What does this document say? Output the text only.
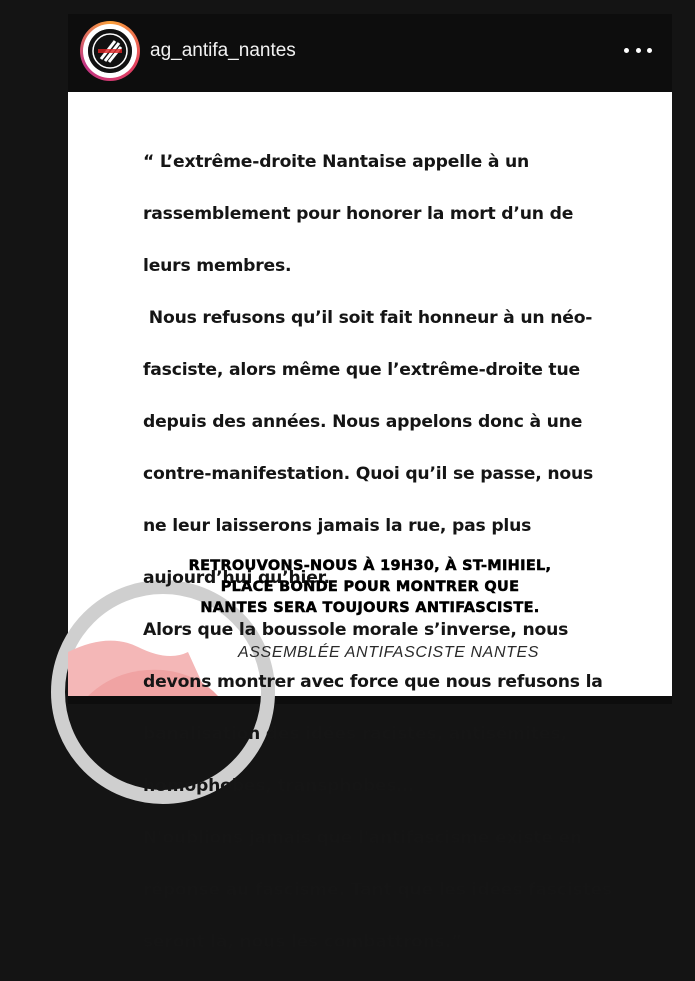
ag_antifa_nantes

“ L’extrême-droite Nantaise appelle à un

rassemblement pour honorer la mort d’un de

leurs membres.

Nous refusons qu’il soit fait honneur à un néo-

fasciste, alors même que l’extrême-droite tue

depuis des années. Nous appelons donc à une

contre-manifestation. Quoi qu’il se passe, nous

ne leur laisserons jamais la rue, pas plus

aujourd’hui qu’hier.

Alors que la boussole morale s’inverse, nous

devons montrer avec force que nous refusons la

banalisation des idées racistes, antisémites,

homophobes, transphobes…

N'oublions jamais que l'antifascisme existe en

réponse au fascisme. Tant que les idées fascistes

seront là, nous les combattrons.”

RETROUVONS-NOUS À 19H30, À ST-MIHIEL,
PLACE BONDE POUR MONTRER QUE
NANTES SERA TOUJOURS ANTIFASCISTE.
ASSEMBLÉE ANTIFASCISTE NANTES
